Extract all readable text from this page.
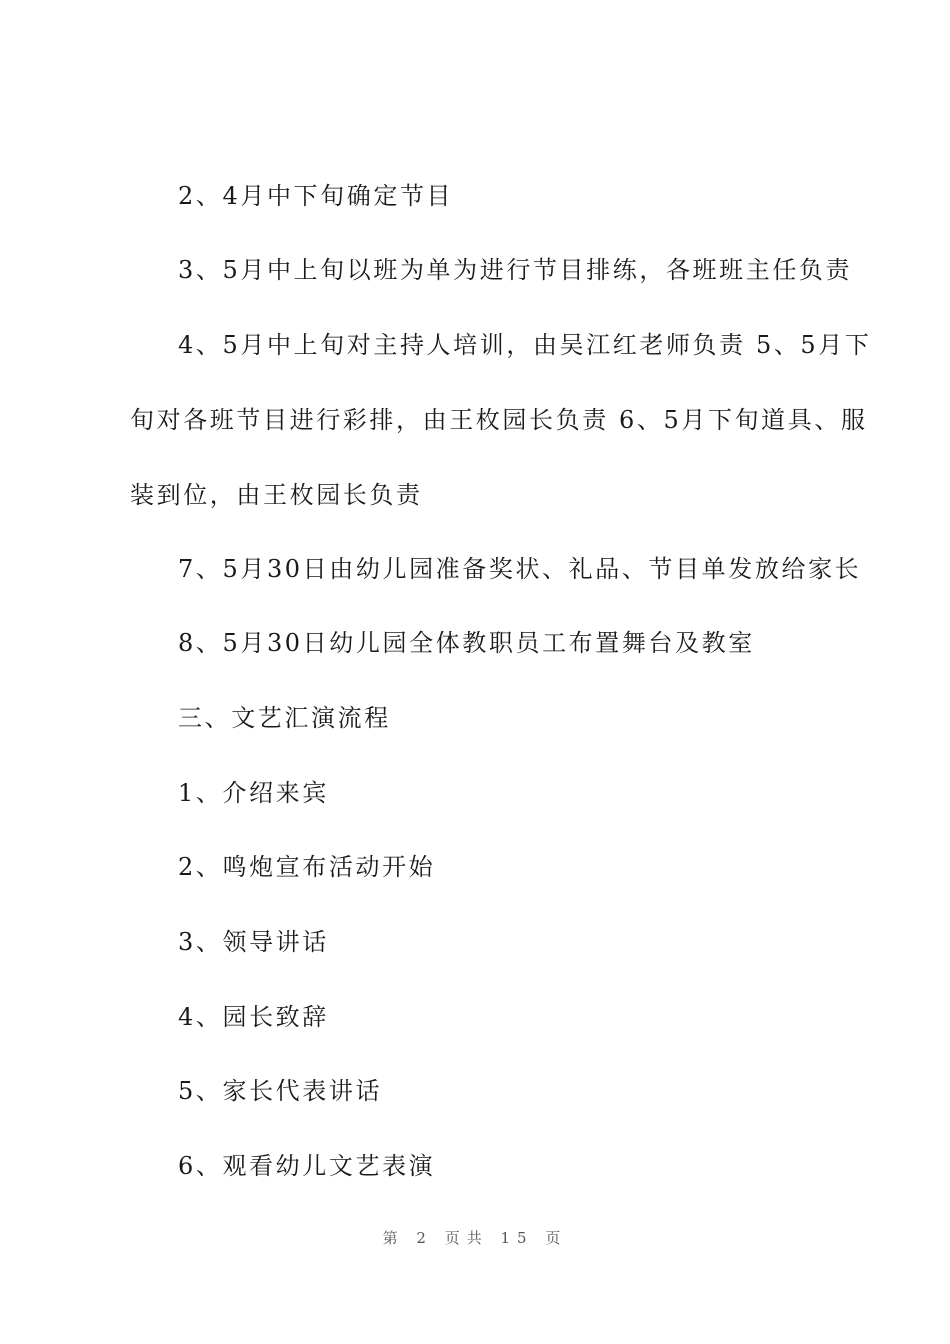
2、4月中下旬确定节目

3、5月中上旬以班为单为进行节目排练，各班班主任负责

4、5月中上旬对主持人培训，由吴江红老师负责 5、5月下

旬对各班节目进行彩排，由王枚园长负责 6、5月下旬道具、服

装到位，由王枚园长负责

7、5月30日由幼儿园准备奖状、礼品、节目单发放给家长

8、5月30日幼儿园全体教职员工布置舞台及教室

三、文艺汇演流程

1、介绍来宾

2、鸣炮宣布活动开始

3、领导讲话

4、园长致辞

5、家长代表讲话

6、观看幼儿文艺表演

第 2 页共 15 页
